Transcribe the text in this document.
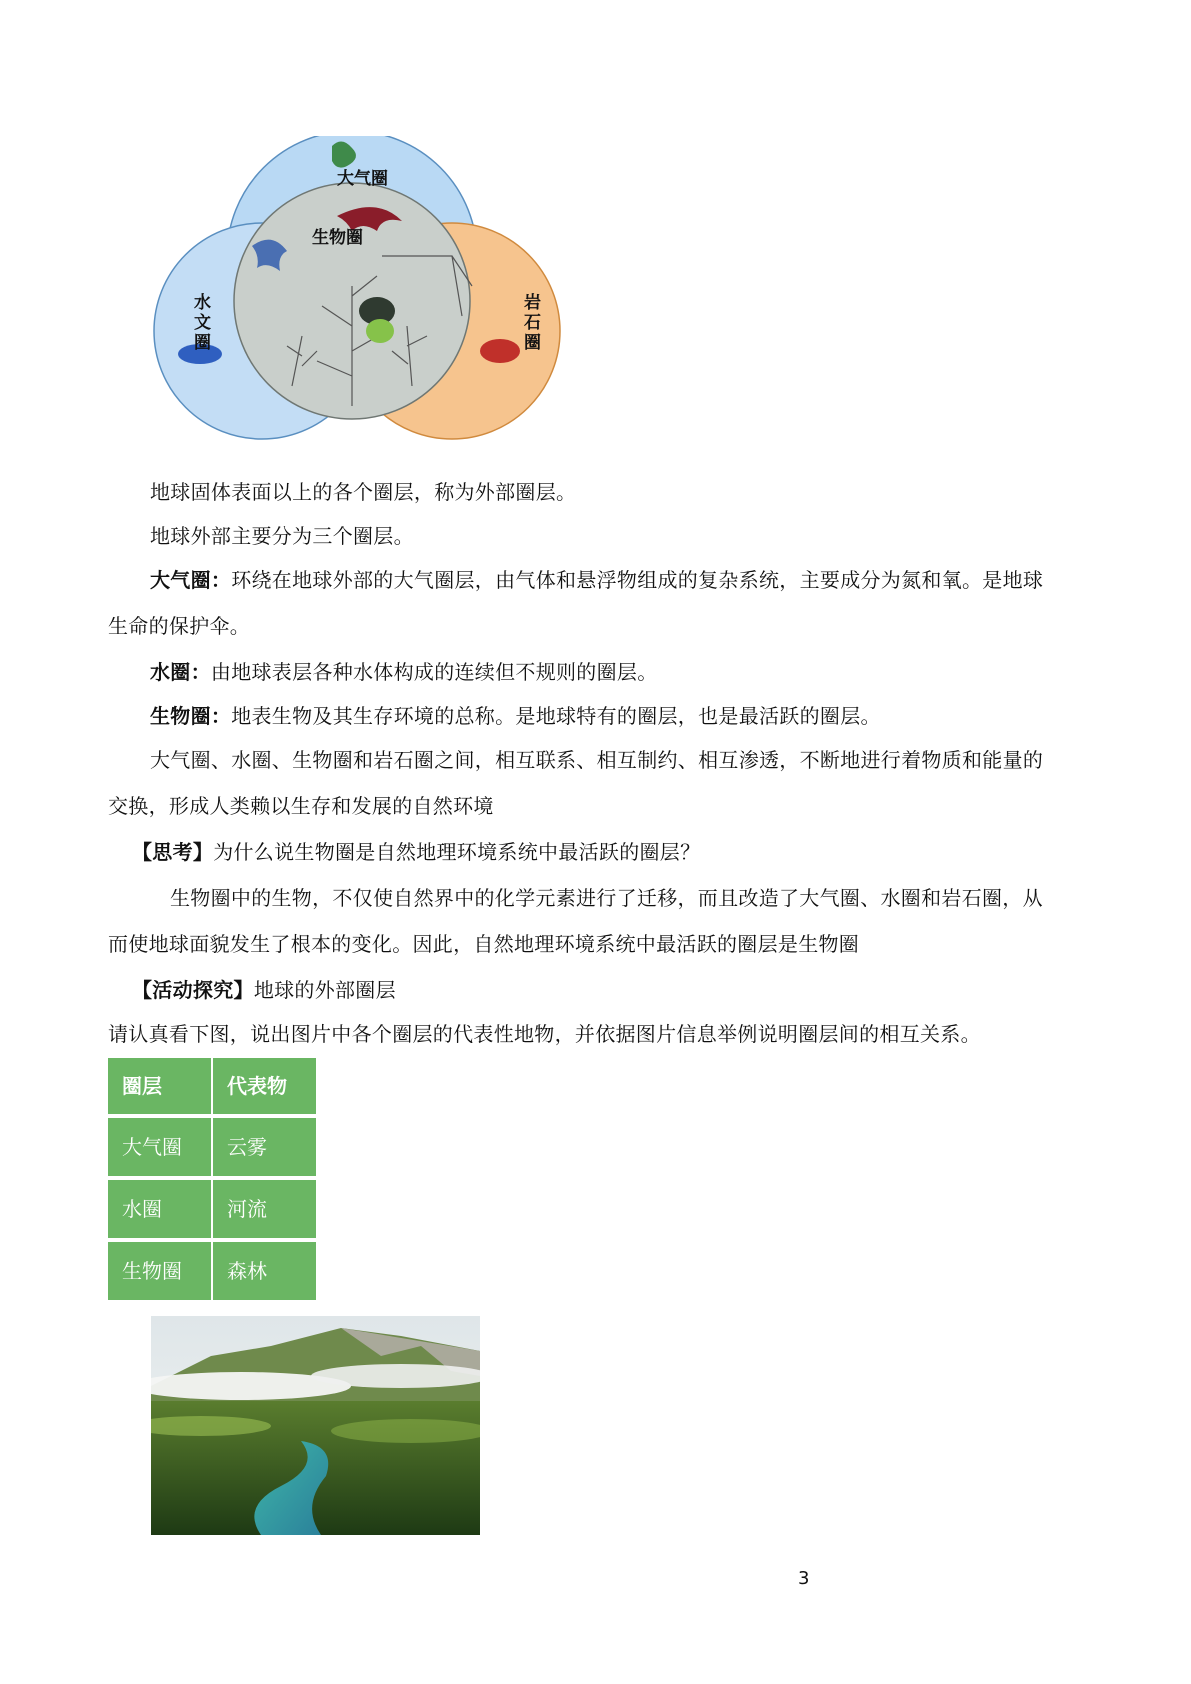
大气圈
生物圈
水
文
圈
岩
石
圈
地球固体表面以上的各个圈层，称为外部圈层。
地球外部主要分为三个圈层。
大气圈：环绕在地球外部的大气圈层，由气体和悬浮物组成的复杂系统，主要成分为氮和氧。是地球
生命的保护伞。
水圈：由地球表层各种水体构成的连续但不规则的圈层。
生物圈：地表生物及其生存环境的总称。是地球特有的圈层，也是最活跃的圈层。
大气圈、水圈、生物圈和岩石圈之间，相互联系、相互制约、相互渗透，不断地进行着物质和能量的
交换，形成人类赖以生存和发展的自然环境
【思考】为什么说生物圈是自然地理环境系统中最活跃的圈层？
生物圈中的生物，不仅使自然界中的化学元素进行了迁移，而且改造了大气圈、水圈和岩石圈，从
而使地球面貌发生了根本的变化。因此，自然地理环境系统中最活跃的圈层是生物圈
【活动探究】地球的外部圈层
请认真看下图，说出图片中各个圈层的代表性地物，并依据图片信息举例说明圈层间的相互关系。
圈层	代表物
大气圈	云雾
水圈	河流
生物圈	森林
3
